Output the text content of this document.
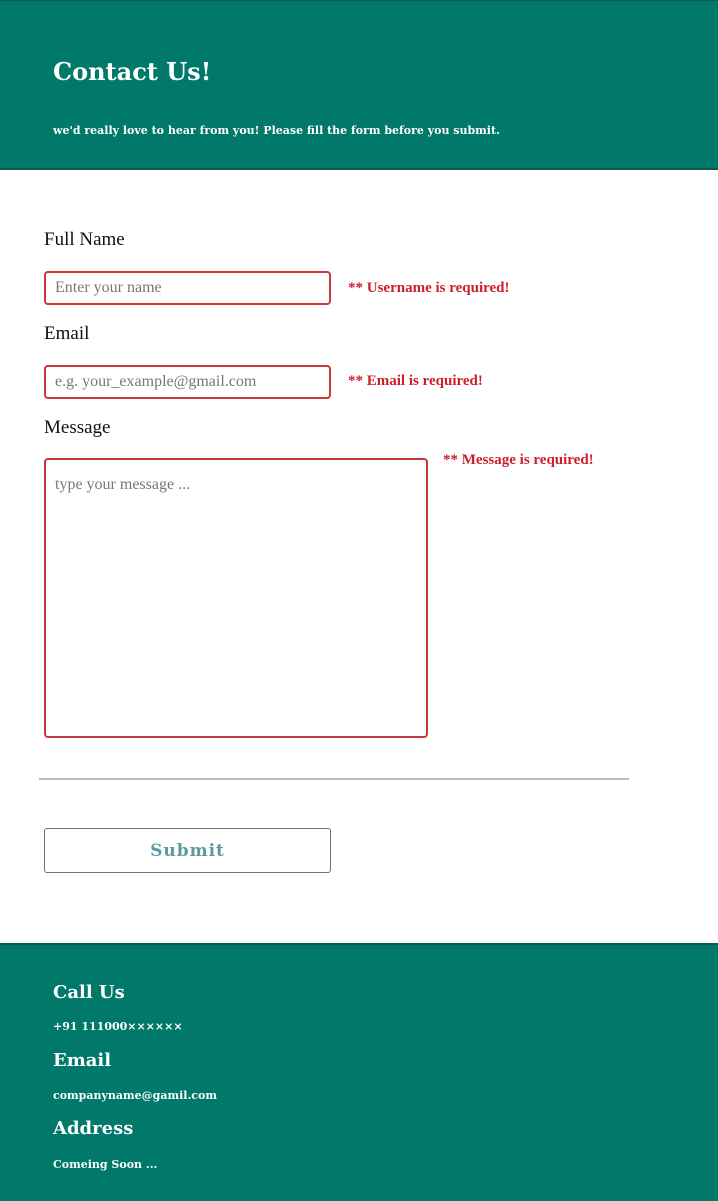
Contact Us!

we'd really love to hear from you! Please fill the form before you submit.

Full Name
Enter your name
** Username is required!
Email
e.g. your_example@gmail.com
** Email is required!
Message
type your message ...
** Message is required!
Submit
Call Us
+91 111000××××××
Email
companyname@gamil.com
Address
Comeing Soon ...
